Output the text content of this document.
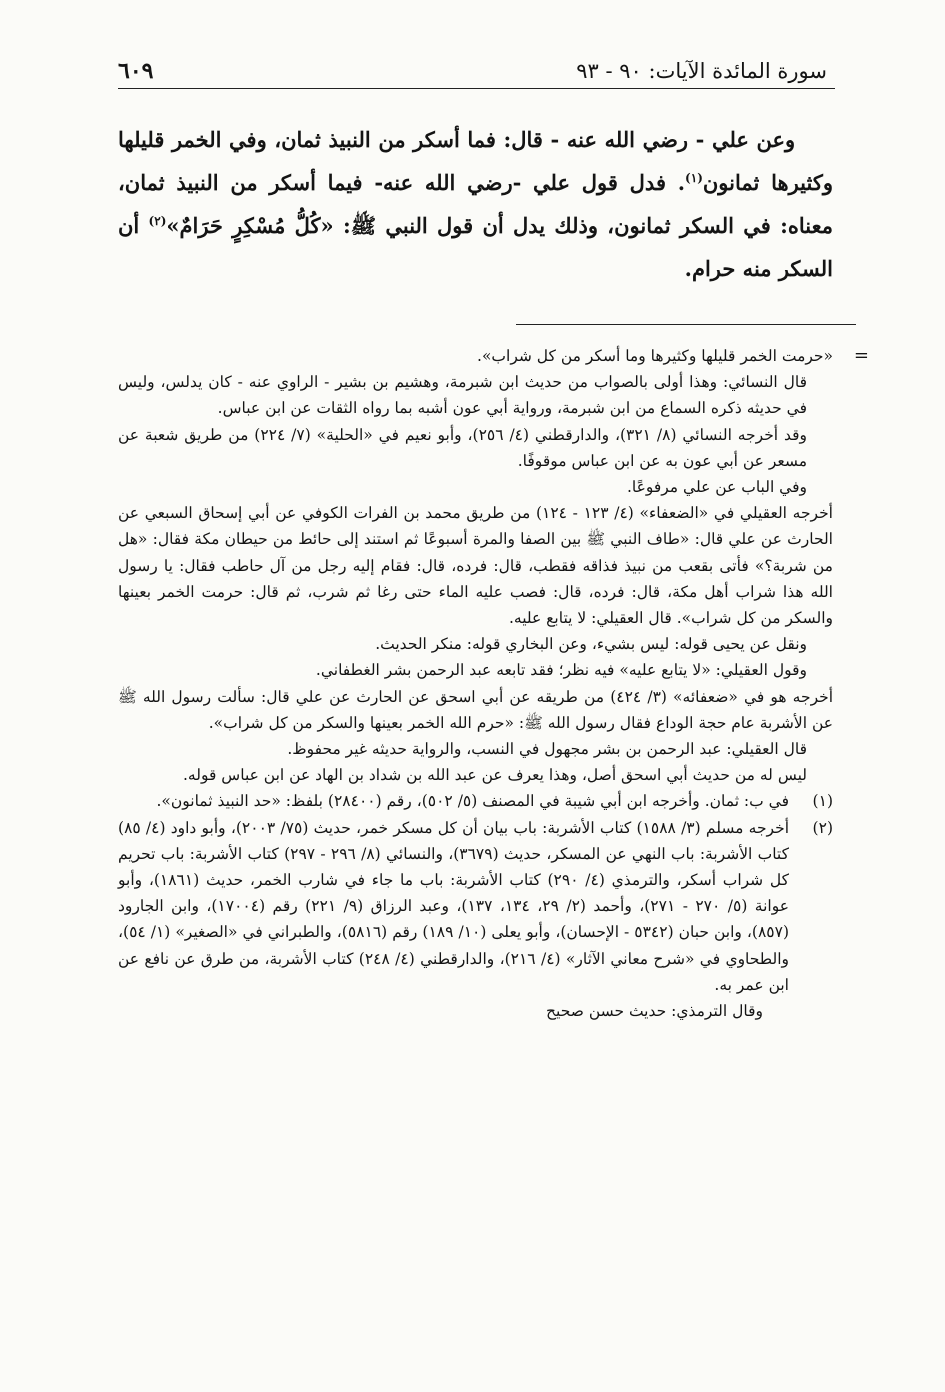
سورة المائدة الآيات: ٩٠ - ٩٣
٦٠٩

وعن علي - رضي الله عنه - قال: فما أسكر من النبيذ ثمان، وفي الخمر قليلها وكثيرها ثمانون$^{(١)}$. فدل قول علي -رضي الله عنه- فيما أسكر من النبيذ ثمان، معناه: في السكر ثمانون، وذلك يدل أن قول النبي ﷺ: «كُلُّ مُسْكِرٍ حَرَامٌ»$^{(٢)}$ أن السكر منه حرام.

=

«حرمت الخمر قليلها وكثيرها وما أسكر من كل شراب».

قال النسائي: وهذا أولى بالصواب من حديث ابن شبرمة، وهشيم بن بشير - الراوي عنه - كان يدلس، وليس في حديثه ذكره السماع من ابن شبرمة، ورواية أبي عون أشبه بما رواه الثقات عن ابن عباس.

وقد أخرجه النسائي (٨/ ٣٢١)، والدارقطني (٤/ ٢٥٦)، وأبو نعيم في «الحلية» (٧/ ٢٢٤) من طريق شعبة عن مسعر عن أبي عون به عن ابن عباس موقوفًا.

وفي الباب عن علي مرفوعًا.

أخرجه العقيلي في «الضعفاء» (٤/ ١٢٣ - ١٢٤) من طريق محمد بن الفرات الكوفي عن أبي إسحاق السبعي عن الحارث عن علي قال: «طاف النبي ﷺ بين الصفا والمرة أسبوعًا ثم استند إلى حائط من حيطان مكة فقال: «هل من شربة؟» فأتى بقعب من نبيذ فذاقه فقطب، قال: فرده، قال: فقام إليه رجل من آل حاطب فقال: يا رسول الله هذا شراب أهل مكة، قال: فرده، قال: فصب عليه الماء حتى رغا ثم شرب، ثم قال: حرمت الخمر بعينها والسكر من كل شراب». قال العقيلي: لا يتابع عليه.

ونقل عن يحيى قوله: ليس بشيء، وعن البخاري قوله: منكر الحديث.

وقول العقيلي: «لا يتابع عليه» فيه نظر؛ فقد تابعه عبد الرحمن بشر الغطفاني.

أخرجه هو في «ضعفائه» (٣/ ٤٢٤) من طريقه عن أبي اسحق عن الحارث عن علي قال: سألت رسول الله ﷺ عن الأشربة عام حجة الوداع فقال رسول الله ﷺ: «حرم الله الخمر بعينها والسكر من كل شراب».

قال العقيلي: عبد الرحمن بن بشر مجهول في النسب، والرواية حديثه غير محفوظ.

ليس له من حديث أبي اسحق أصل، وهذا يعرف عن عبد الله بن شداد بن الهاد عن ابن عباس قوله.

(١)
في ب: ثمان. وأخرجه ابن أبي شيبة في المصنف (٥/ ٥٠٢)، رقم (٢٨٤٠٠) بلفظ: «حد النبيذ ثمانون».
(٢)
أخرجه مسلم (٣/ ١٥٨٨) كتاب الأشربة: باب بيان أن كل مسكر خمر، حديث (٧٥/ ٢٠٠٣)، وأبو داود (٤/ ٨٥) كتاب الأشربة: باب النهي عن المسكر، حديث (٣٦٧٩)، والنسائي (٨/ ٢٩٦ - ٢٩٧) كتاب الأشربة: باب تحريم كل شراب أسكر، والترمذي (٤/ ٢٩٠) كتاب الأشربة: باب ما جاء في شارب الخمر، حديث (١٨٦١)، وأبو عوانة (٥/ ٢٧٠ - ٢٧١)، وأحمد (٢/ ٢٩، ١٣٤، ١٣٧)، وعبد الرزاق (٩/ ٢٢١) رقم (١٧٠٠٤)، وابن الجارود (٨٥٧)، وابن حبان (٥٣٤٢ - الإحسان)، وأبو يعلى (١٠/ ١٨٩) رقم (٥٨١٦)، والطبراني في «الصغير» (١/ ٥٤)، والطحاوي في «شرح معاني الآثار» (٤/ ٢١٦)، والدارقطني (٤/ ٢٤٨) كتاب الأشربة، من طرق عن نافع عن ابن عمر به.

وقال الترمذي: حديث حسن صحيح
